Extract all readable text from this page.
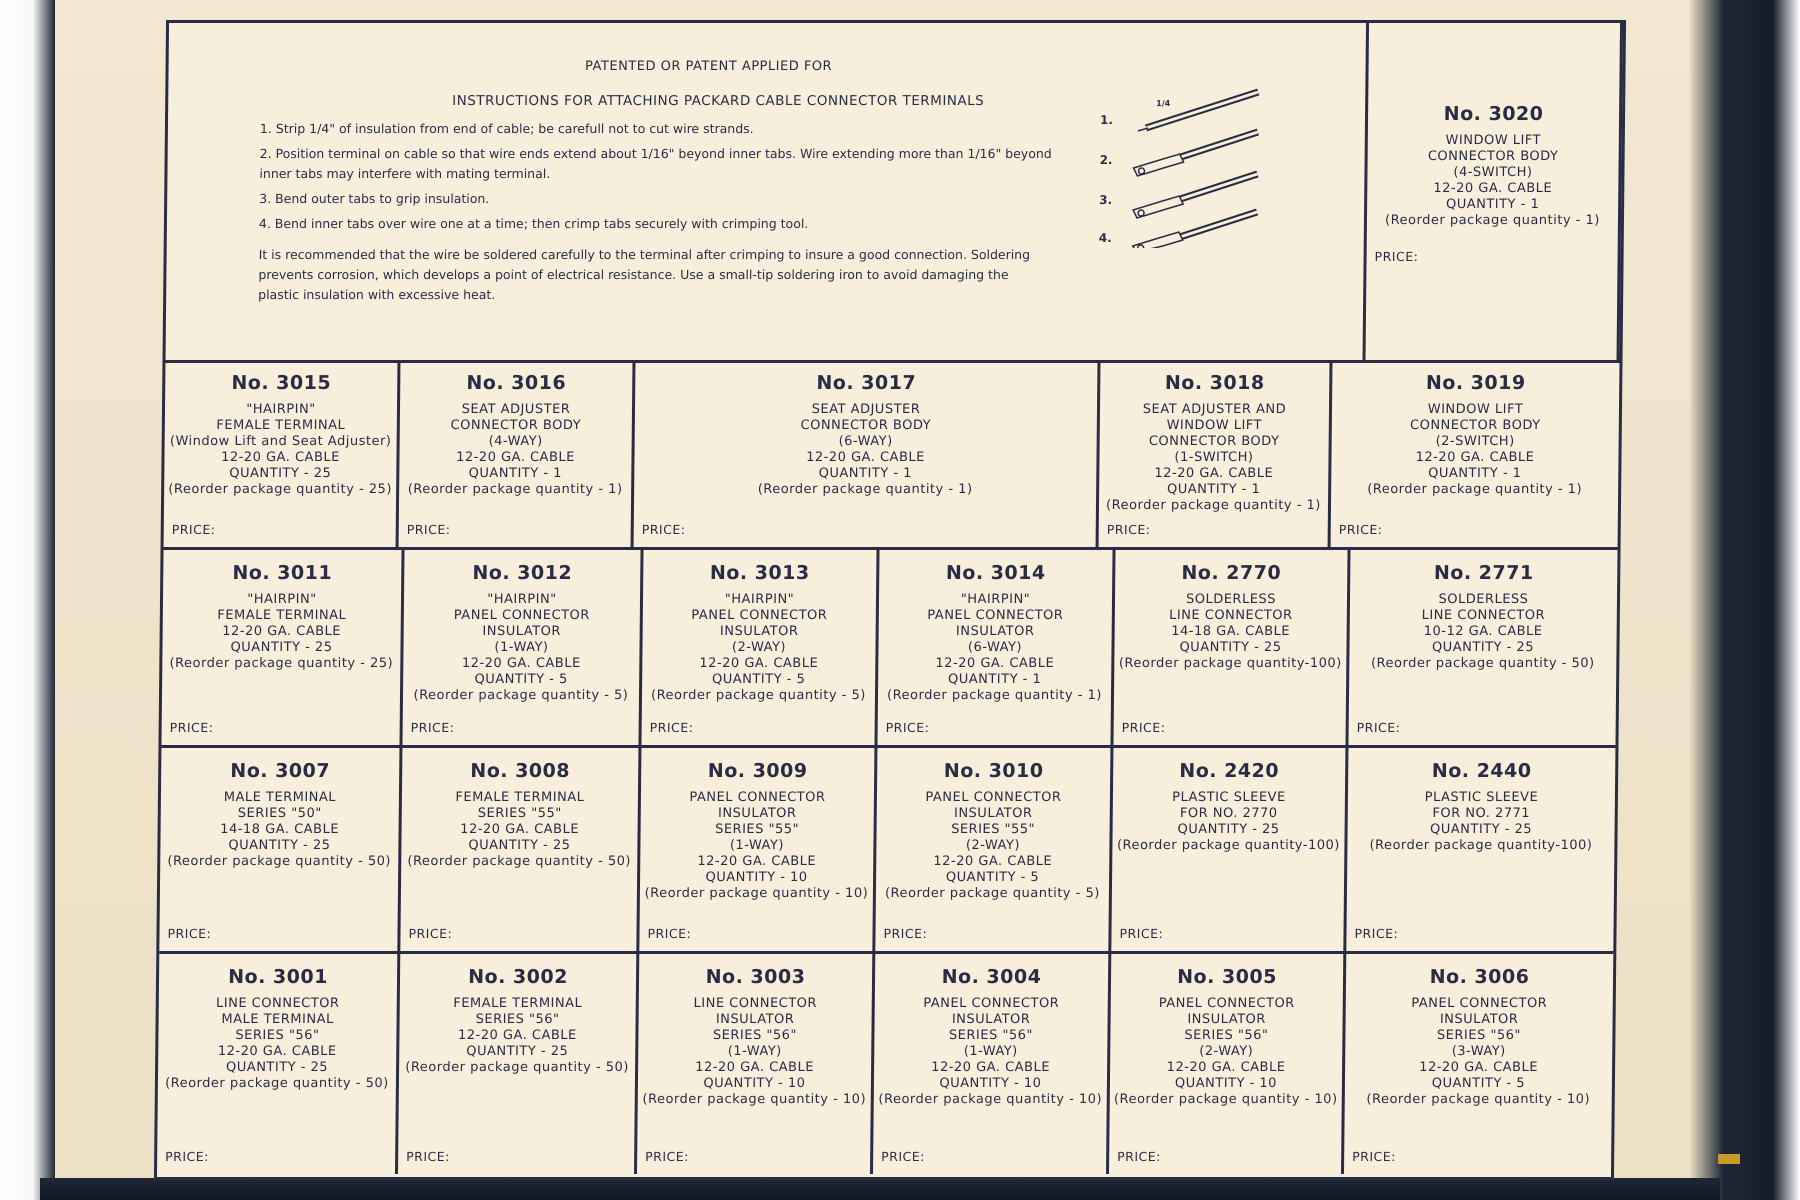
PATENTED OR PATENT APPLIED FOR
INSTRUCTIONS FOR ATTACHING PACKARD CABLE CONNECTOR TERMINALS
1. Strip 1/4" of insulation from end of cable; be carefull not to cut wire strands.
2. Position terminal on cable so that wire ends extend about 1/16" beyond inner tabs. Wire extending more than 1/16" beyond inner tabs may interfere with mating terminal.
3. Bend outer tabs to grip insulation.
4. Bend inner tabs over wire one at a time; then crimp tabs securely with crimping tool.

It is recommended that the wire be soldered carefully to the terminal after crimping to insure a good connection. Soldering prevents corrosion, which develops a point of electrical resistance. Use a small-tip soldering iron to avoid damaging the plastic insulation with excessive heat.

1.
2.
3.
4.
1/4	No. 3020
WINDOW LIFT
CONNECTOR BODY
(4-SWITCH)
12-20 GA. CABLE
QUANTITY - 1
(Reorder package quantity - 1)
PRICE:
No. 3015
"HAIRPIN"
FEMALE TERMINAL
(Window Lift and Seat Adjuster)
12-20 GA. CABLE
QUANTITY - 25
(Reorder package quantity - 25)
PRICE:
No. 3016
SEAT ADJUSTER
CONNECTOR BODY
(4-WAY)
12-20 GA. CABLE
QUANTITY - 1
(Reorder package quantity - 1)
PRICE:
No. 3017
SEAT ADJUSTER
CONNECTOR BODY
(6-WAY)
12-20 GA. CABLE
QUANTITY - 1
(Reorder package quantity - 1)
PRICE:
No. 3018
SEAT ADJUSTER AND
WINDOW LIFT
CONNECTOR BODY
(1-SWITCH)
12-20 GA. CABLE
QUANTITY - 1
(Reorder package quantity - 1)
PRICE:
No. 3019
WINDOW LIFT
CONNECTOR BODY
(2-SWITCH)
12-20 GA. CABLE
QUANTITY - 1
(Reorder package quantity - 1)
PRICE:
No. 3011
"HAIRPIN"
FEMALE TERMINAL
12-20 GA. CABLE
QUANTITY - 25
(Reorder package quantity - 25)
PRICE:
No. 3012
"HAIRPIN"
PANEL CONNECTOR
INSULATOR
(1-WAY)
12-20 GA. CABLE
QUANTITY - 5
(Reorder package quantity - 5)
PRICE:
No. 3013
"HAIRPIN"
PANEL CONNECTOR
INSULATOR
(2-WAY)
12-20 GA. CABLE
QUANTITY - 5
(Reorder package quantity - 5)
PRICE:
No. 3014
"HAIRPIN"
PANEL CONNECTOR
INSULATOR
(6-WAY)
12-20 GA. CABLE
QUANTITY - 1
(Reorder package quantity - 1)
PRICE:
No. 2770
SOLDERLESS
LINE CONNECTOR
14-18 GA. CABLE
QUANTITY - 25
(Reorder package quantity-100)
PRICE:
No. 2771
SOLDERLESS
LINE CONNECTOR
10-12 GA. CABLE
QUANTITY - 25
(Reorder package quantity - 50)
PRICE:
No. 3007
MALE TERMINAL
SERIES "50"
14-18 GA. CABLE
QUANTITY - 25
(Reorder package quantity - 50)
PRICE:
No. 3008
FEMALE TERMINAL
SERIES "55"
12-20 GA. CABLE
QUANTITY - 25
(Reorder package quantity - 50)
PRICE:
No. 3009
PANEL CONNECTOR
INSULATOR
SERIES "55"
(1-WAY)
12-20 GA. CABLE
QUANTITY - 10
(Reorder package quantity - 10)
PRICE:
No. 3010
PANEL CONNECTOR
INSULATOR
SERIES "55"
(2-WAY)
12-20 GA. CABLE
QUANTITY - 5
(Reorder package quantity - 5)
PRICE:
No. 2420
PLASTIC SLEEVE
FOR NO. 2770
QUANTITY - 25
(Reorder package quantity-100)
PRICE:
No. 2440
PLASTIC SLEEVE
FOR NO. 2771
QUANTITY - 25
(Reorder package quantity-100)
PRICE:
No. 3001
LINE CONNECTOR
MALE TERMINAL
SERIES "56"
12-20 GA. CABLE
QUANTITY - 25
(Reorder package quantity - 50)
PRICE:
No. 3002
FEMALE TERMINAL
SERIES "56"
12-20 GA. CABLE
QUANTITY - 25
(Reorder package quantity - 50)
PRICE:
No. 3003
LINE CONNECTOR
INSULATOR
SERIES "56"
(1-WAY)
12-20 GA. CABLE
QUANTITY - 10
(Reorder package quantity - 10)
PRICE:
No. 3004
PANEL CONNECTOR
INSULATOR
SERIES "56"
(1-WAY)
12-20 GA. CABLE
QUANTITY - 10
(Reorder package quantity - 10)
PRICE:
No. 3005
PANEL CONNECTOR
INSULATOR
SERIES "56"
(2-WAY)
12-20 GA. CABLE
QUANTITY - 10
(Reorder package quantity - 10)
PRICE:
No. 3006
PANEL CONNECTOR
INSULATOR
SERIES "56"
(3-WAY)
12-20 GA. CABLE
QUANTITY - 5
(Reorder package quantity - 10)
PRICE:
